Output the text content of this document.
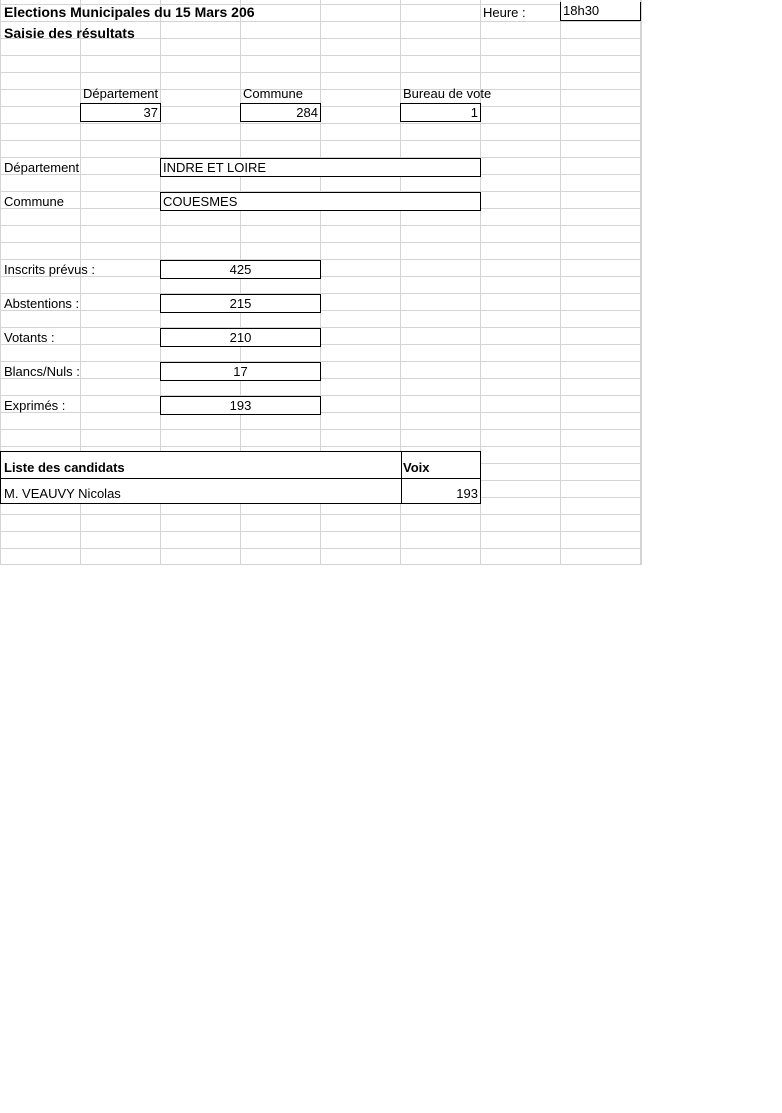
Elections Municipales du 15 Mars 206
Saisie des résultats
Heure :	18h30
Département	Commune	Bureau de vote
37	284	1
Département	INDRE ET LOIRE
Commune	COUESMES
Inscrits prévus :	425
Abstentions :	215
Votants :	210
Blancs/Nuls :	17
Exprimés :	193
Liste des candidats	Voix
M. VEAUVY Nicolas	193
